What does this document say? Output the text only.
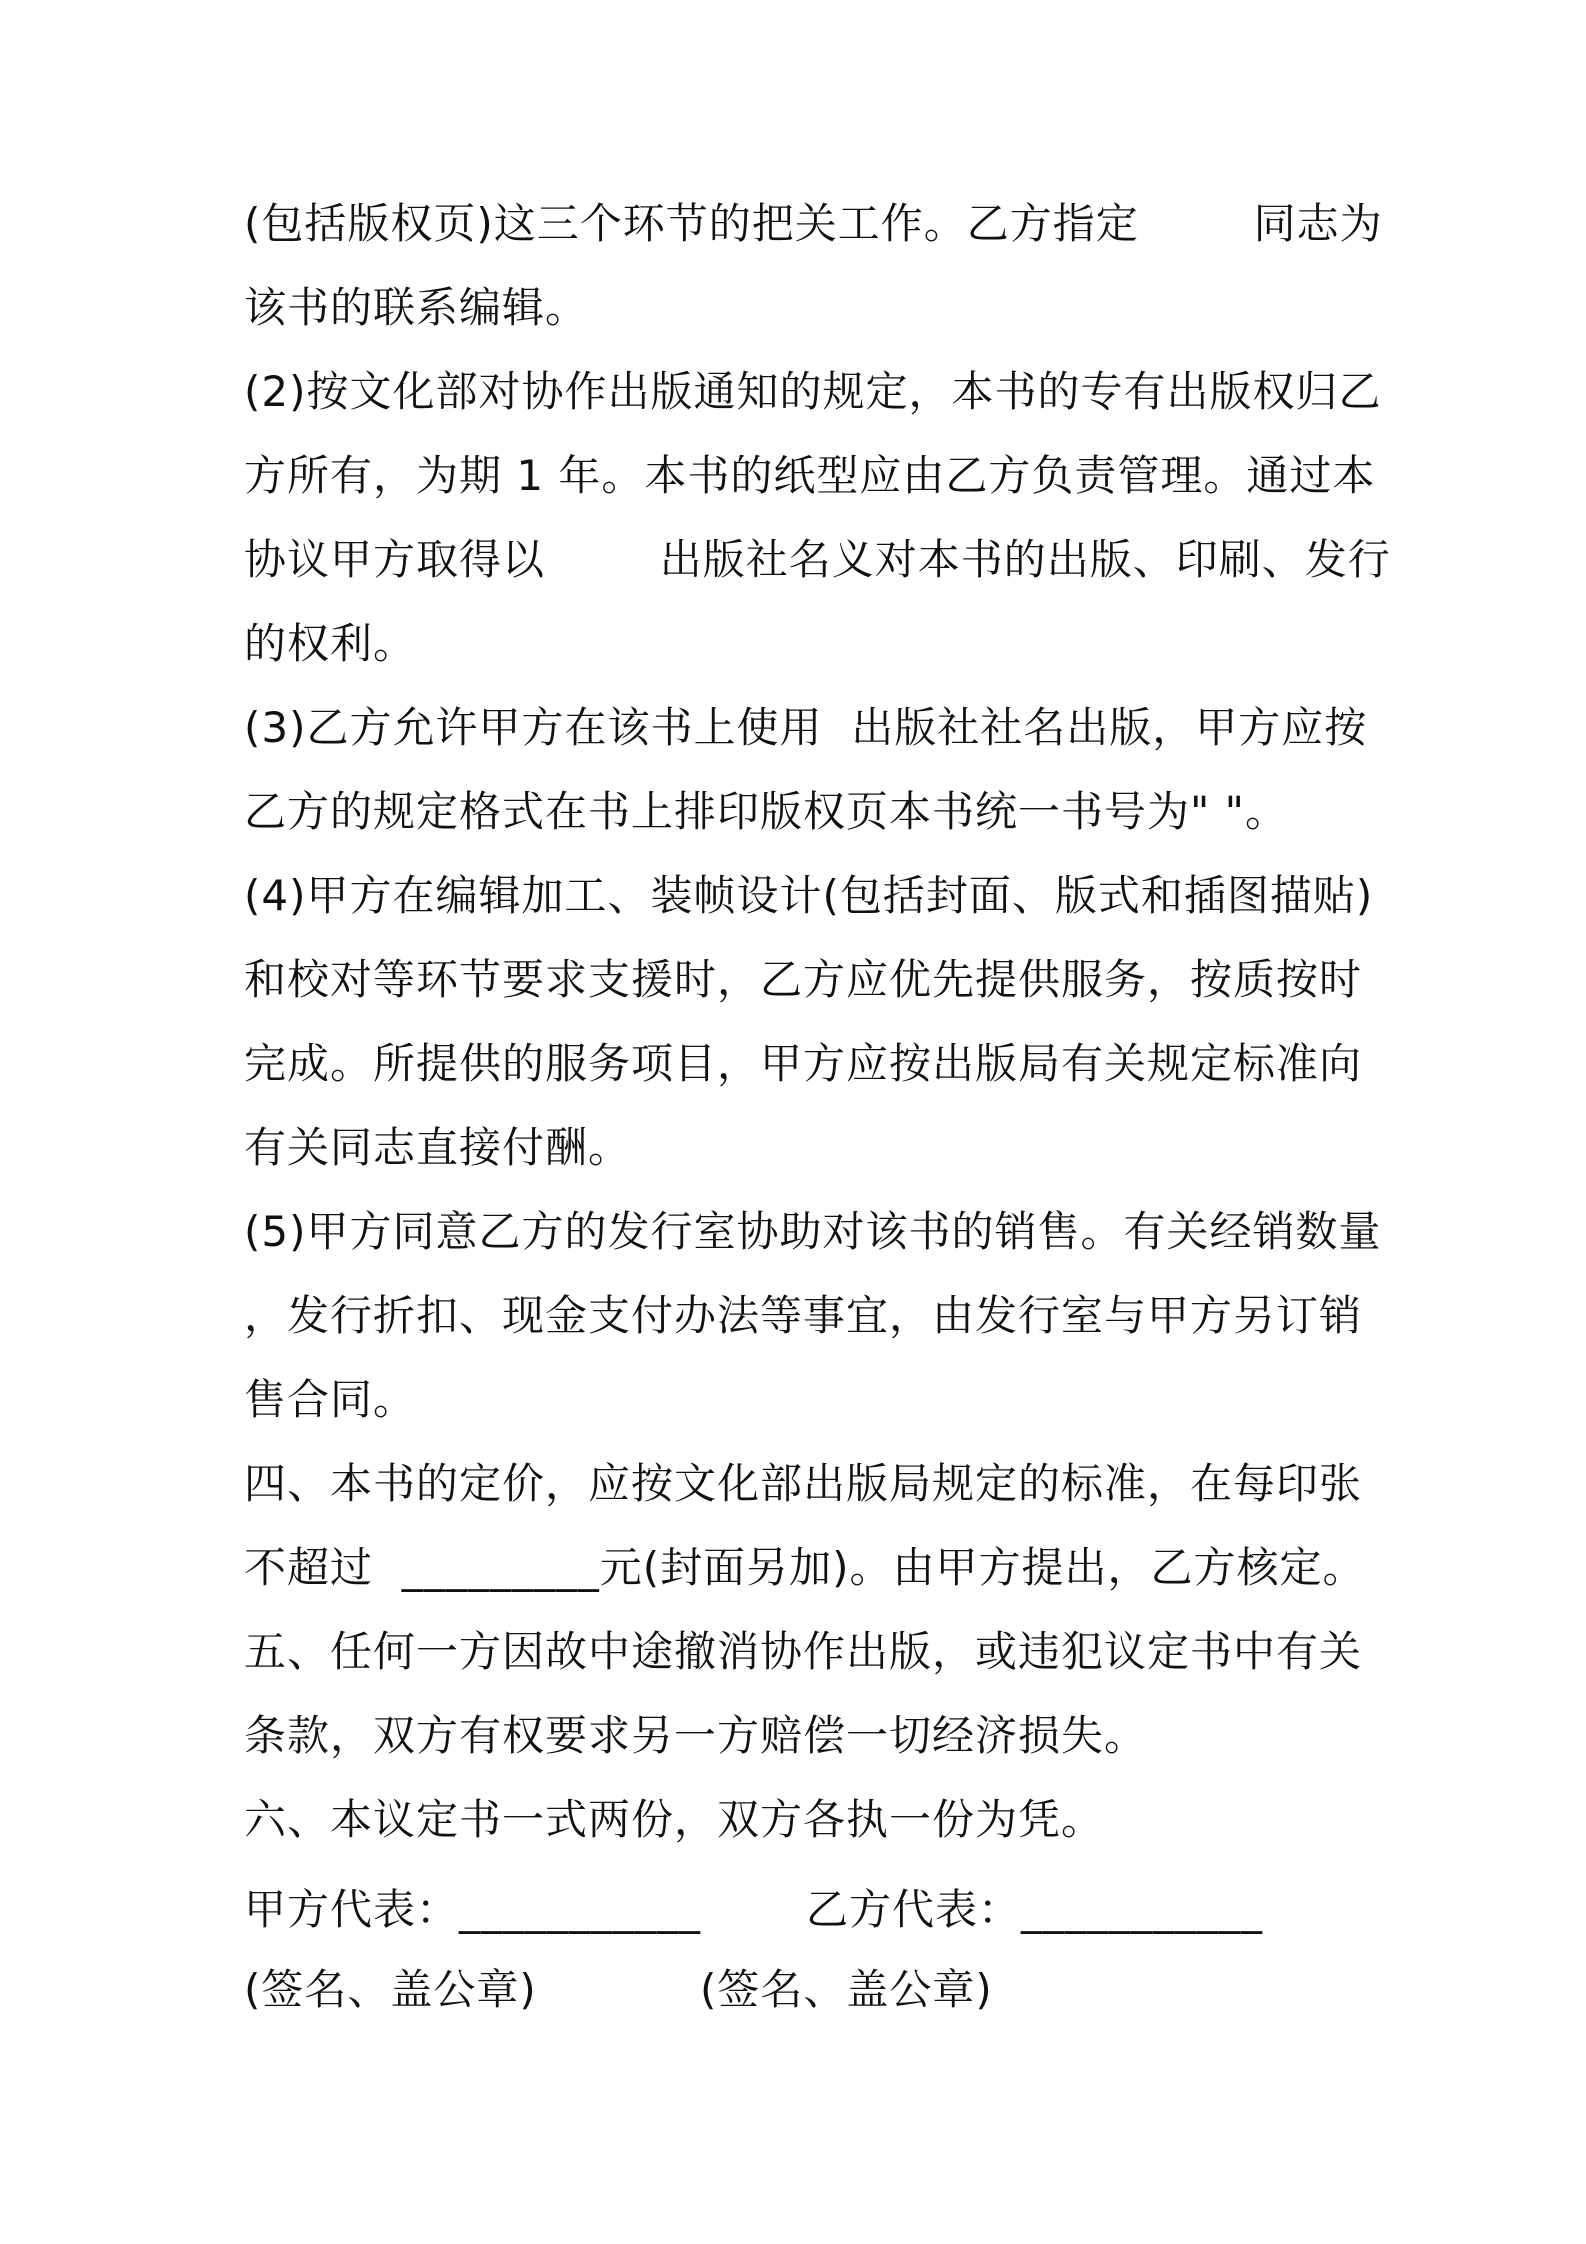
(包括版权页)这三个环节的把关工作。乙方指定        同志为
该书的联系编辑。
(2)按文化部对协作出版通知的规定，本书的专有出版权归乙
方所有，为期 1 年。本书的纸型应由乙方负责管理。通过本
协议甲方取得以        出版社名义对本书的出版、印刷、发行
的权利。
(3)乙方允许甲方在该书上使用  出版社社名出版，甲方应按
乙方的规定格式在书上排印版权页本书统一书号为" "。
(4)甲方在编辑加工、装帧设计(包括封面、版式和插图描贴)
和校对等环节要求支援时，乙方应优先提供服务，按质按时
完成。所提供的服务项目，甲方应按出版局有关规定标准向
有关同志直接付酬。
(5)甲方同意乙方的发行室协助对该书的销售。有关经销数量
，发行折扣、现金支付办法等事宜，由发行室与甲方另订销
售合同。
四、本书的定价，应按文化部出版局规定的标准，在每印张
不超过  _________元(封面另加)。由甲方提出，乙方核定。
五、任何一方因故中途撤消协作出版，或违犯议定书中有关
条款，双方有权要求另一方赔偿一切经济损失。
六、本议定书一式两份，双方各执一份为凭。
甲方代表：___________ 乙方代表：___________
(签名、盖公章)	(签名、盖公章)
